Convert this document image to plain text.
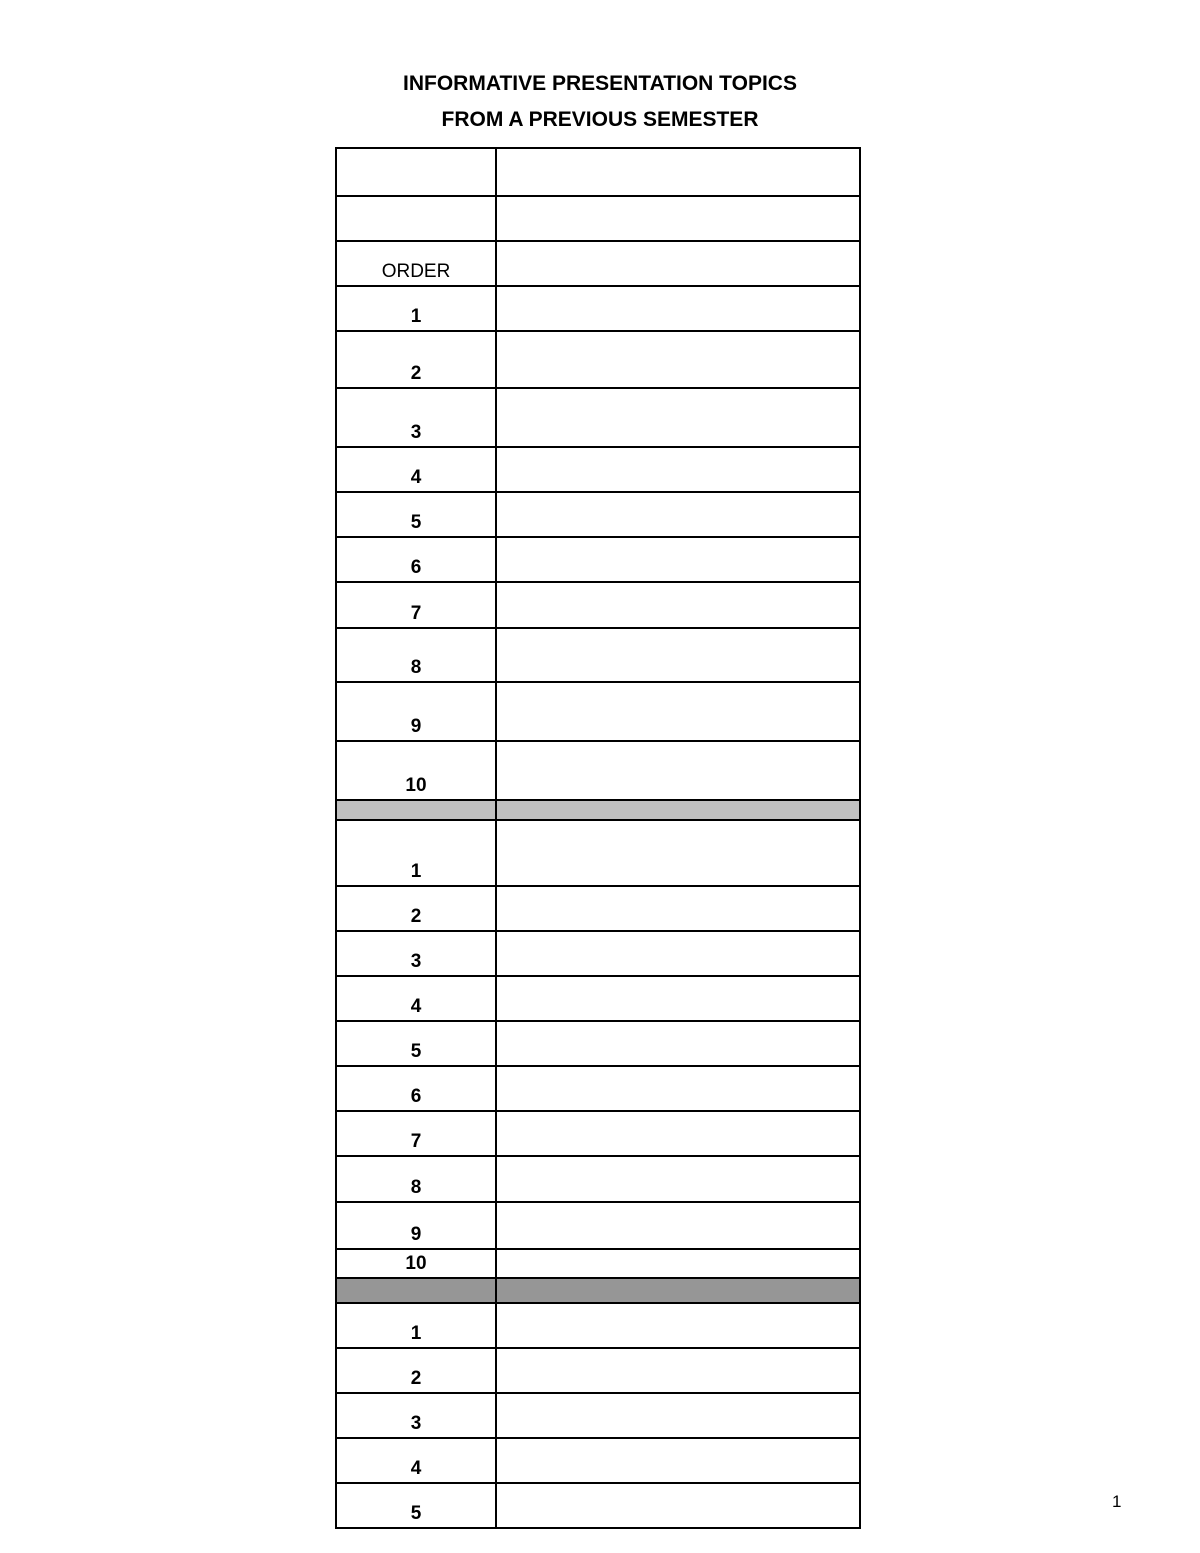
INFORMATIVE PRESENTATION TOPICS
FROM A PREVIOUS SEMESTER
ORDER
1
2
3
4
5
6
7
8
9
10
1
2
3
4
5
6
7
8
9
10
1
2
3
4
5
1
